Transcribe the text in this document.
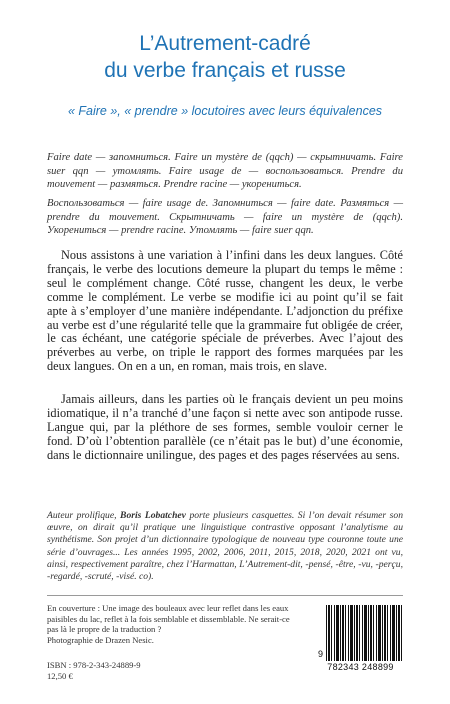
L’Autrement-cadré
du verbe français et russe
« Faire », « prendre » locutoires avec leurs équivalences
Faire date — запомниться. Faire un mystère de (qqch) — скрытничать. Faire suer qqn — утомлять. Faire usage de — воспользоваться. Prendre du mouvement — размяться. Prendre racine — укорениться.
Воспользоваться — faire usage de. Запомниться — faire date. Размяться — prendre du mouvement. Скрытничать — faire un mystère de (qqch). Укорениться — prendre racine. Утомлять — faire suer qqn.

Nous assistons à une variation à l’infini dans les deux langues. Côté français, le verbe des locutions demeure la plupart du temps le même : seul le complément change. Côté russe, changent les deux, le verbe comme le complément. Le verbe se modifie ici au point qu’il se fait apte à s’employer d’une manière indépendante. L’adjonction du préfixe au verbe est d’une régularité telle que la grammaire fut obligée de créer, le cas échéant, une catégorie spéciale de préverbes. Avec l’ajout des préverbes au verbe, on triple le rapport des formes marquées par les deux langues. On en a un, en roman, mais trois, en slave.

Jamais ailleurs, dans les parties où le français devient un peu moins idiomatique, il n’a tranché d’une façon si nette avec son antipode russe. Langue qui, par la pléthore de ses formes, semble vouloir cerner le fond. D’où l’obtention parallèle (ce n’était pas le but) d’une économie, dans le dictionnaire unilingue, des pages et des pages réservées au sens.

Auteur prolifique, Boris Lobatchev porte plusieurs casquettes. Si l’on devait résumer son œuvre, on dirait qu’il pratique une linguistique contrastive opposant l’analytisme au synthétisme. Son projet d’un dictionnaire typologique de nouveau type couronne toute une série d’ouvrages... Les années 1995, 2002, 2006, 2011, 2015, 2018, 2020, 2021 ont vu, ainsi, respectivement paraître, chez l’Harmattan, L’Autrement-dit, -pensé, -être, -vu, -perçu, -regardé, -scruté, -visé. co).
En couverture : Une image des bouleaux avec leur reflet dans les eaux paisibles du lac, reflet à la fois semblable et dissemblable. Ne serait-ce pas là le propre de la traduction ?
Photographie de Drazen Nesic.
ISBN : 978-2-343-24889-9
12,50 €
9
782343 248899
